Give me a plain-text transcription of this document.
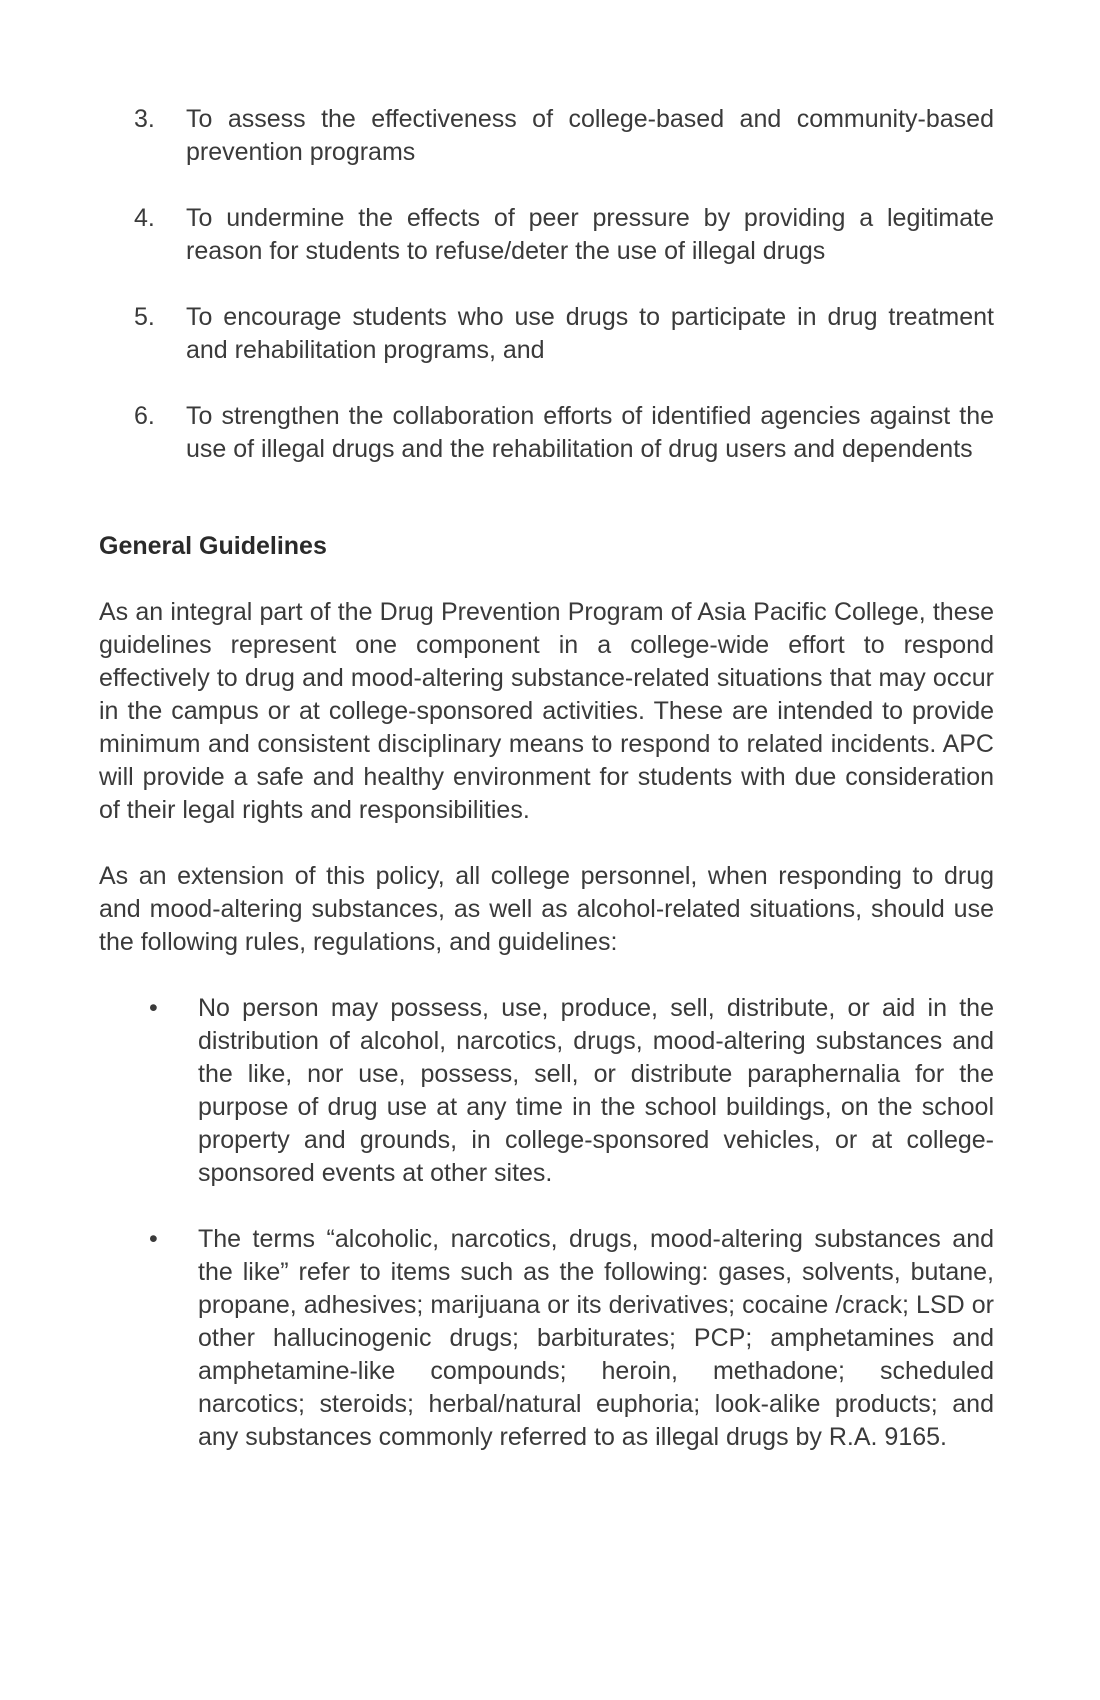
3. To assess the effectiveness of college-based and community-based prevention programs
4. To undermine the effects of peer pressure by providing a legitimate reason for students to refuse/deter the use of illegal drugs
5. To encourage students who use drugs to participate in drug treatment and rehabilitation programs, and
6. To strengthen the collaboration efforts of identified agencies against the use of illegal drugs and the rehabilitation of drug users and dependents
General Guidelines

As an integral part of the Drug Prevention Program of Asia Pacific College, these guidelines represent one component in a college-wide effort to respond effectively to drug and mood-altering substance-related situations that may occur in the campus or at college-sponsored activities. These are intended to provide minimum and consistent disciplinary means to respond to related incidents. APC will provide a safe and healthy environment for students with due consideration of their legal rights and responsibilities.

As an extension of this policy, all college personnel, when responding to drug and mood-altering substances, as well as alcohol-related situations, should use the following rules, regulations, and guidelines:

• No person may possess, use, produce, sell, distribute, or aid in the distribution of alcohol, narcotics, drugs, mood-altering substances and the like, nor use, possess, sell, or distribute paraphernalia for the purpose of drug use at any time in the school buildings, on the school property and grounds, in college-sponsored vehicles, or at college-sponsored events at other sites.
• The terms “alcoholic, narcotics, drugs, mood-altering substances and the like” refer to items such as the following: gases, solvents, butane, propane, adhesives; marijuana or its derivatives; cocaine /crack; LSD or other hallucinogenic drugs; barbiturates; PCP; amphetamines and amphetamine-like compounds; heroin, methadone; scheduled narcotics; steroids; herbal/natural euphoria; look-alike products; and any substances commonly referred to as illegal drugs by R.A. 9165.
